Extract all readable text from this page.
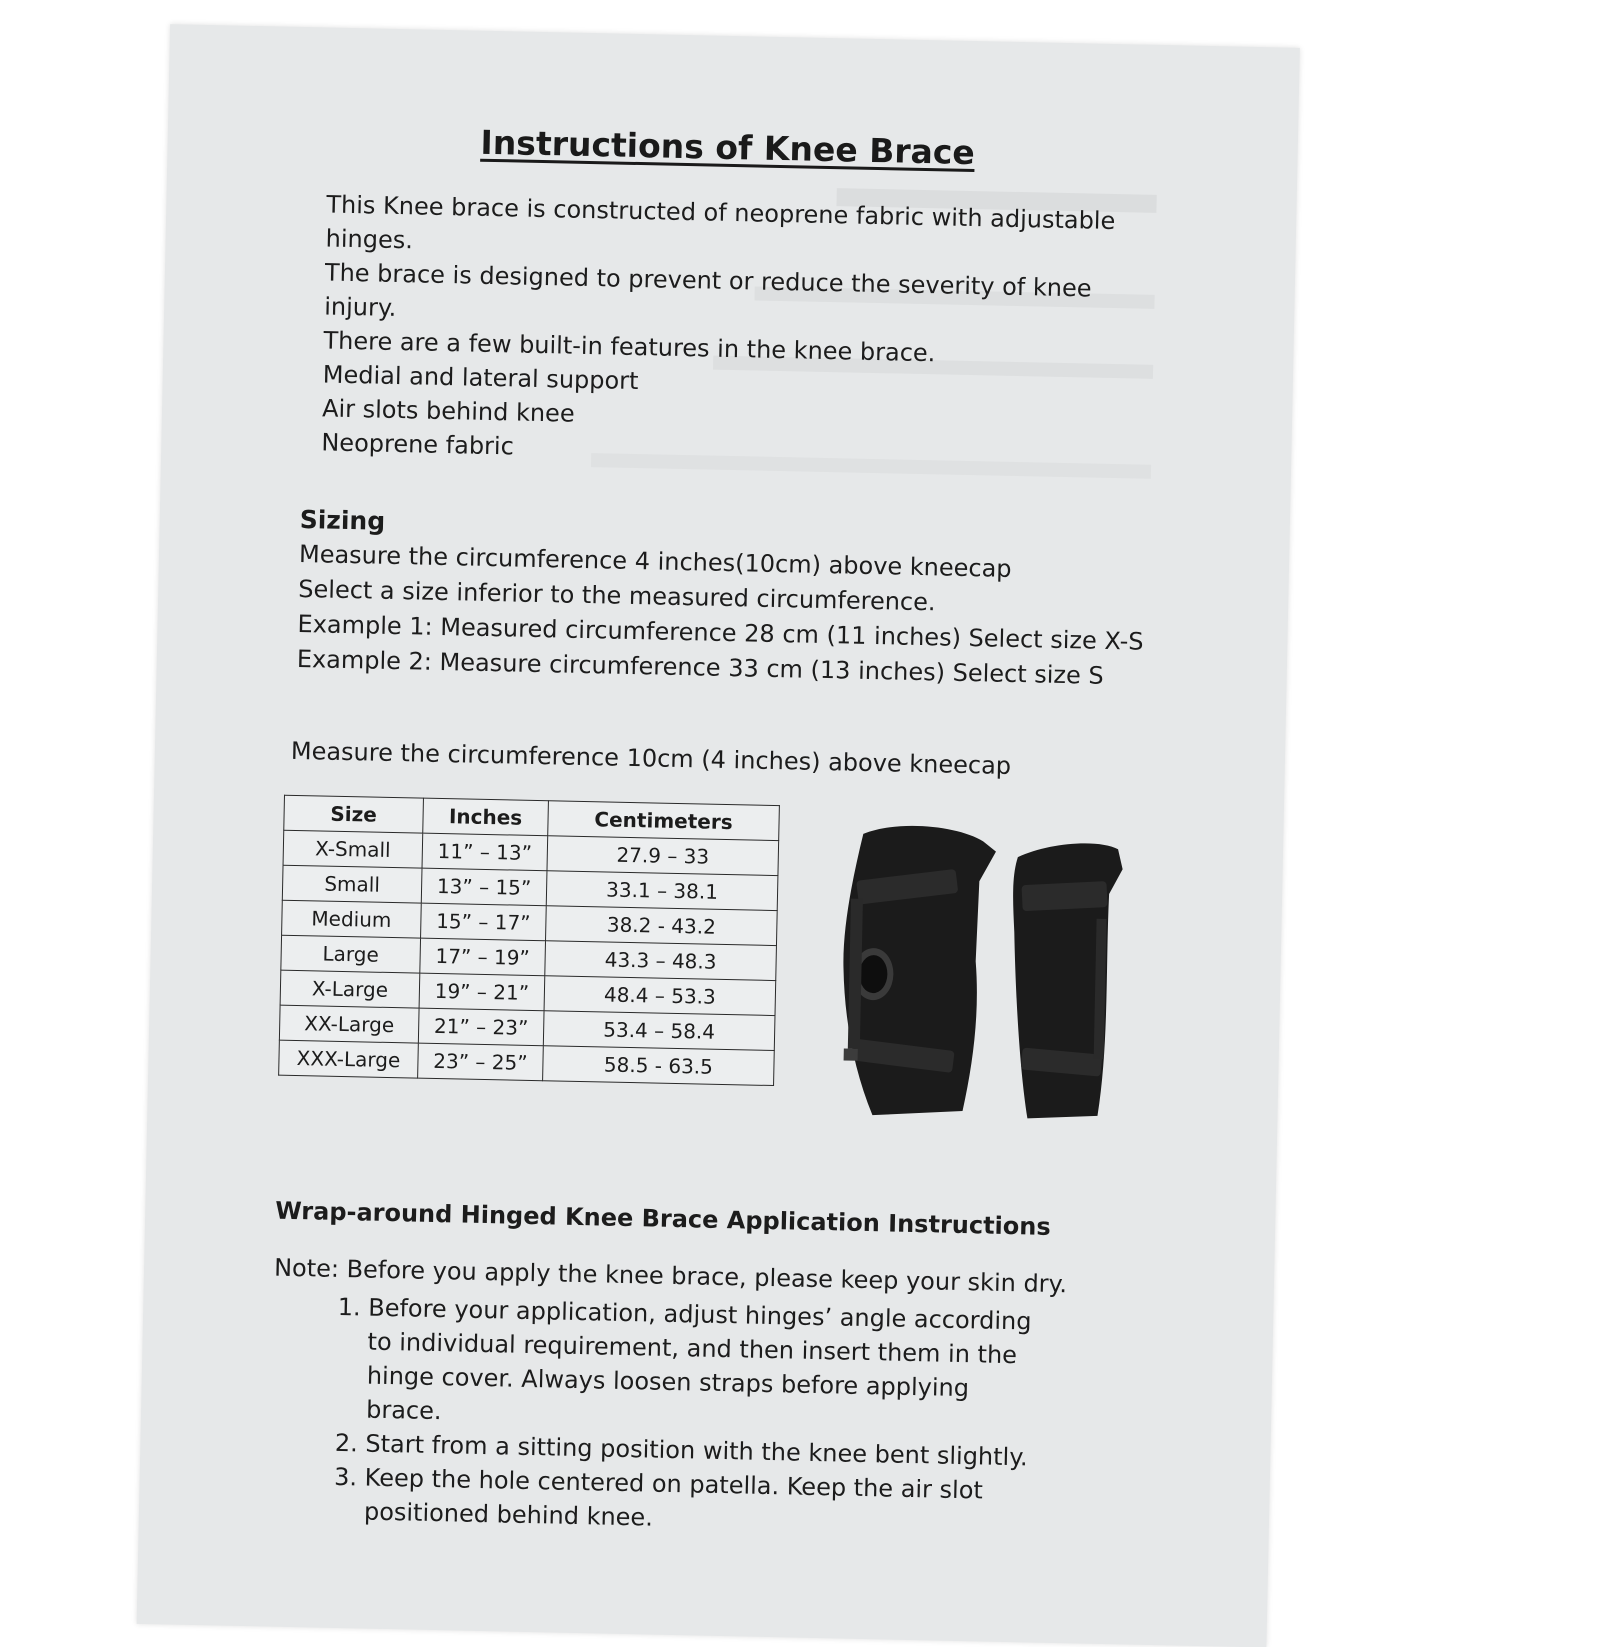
Instructions of Knee Brace

This Knee brace is constructed of neoprene fabric with adjustable hinges.

The brace is designed to prevent or reduce the severity of knee injury.

There are a few built-in features in the knee brace.

Medial and lateral support

Air slots behind knee

Neoprene fabric

Sizing

Measure the circumference 4 inches(10cm) above kneecap

Select a size inferior to the measured circumference.

Example 1: Measured circumference 28 cm (11 inches) Select size X-S

Example 2: Measure circumference 33 cm (13 inches) Select size S

Measure the circumference 10cm (4 inches) above kneecap
Size	Inches	Centimeters
X-Small	11” – 13”	27.9 – 33
Small	13” – 15”	33.1 – 38.1
Medium	15” – 17”	38.2 - 43.2
Large	17” – 19”	43.3 – 48.3
X-Large	19” – 21”	48.4 – 53.3
XX-Large	21” – 23”	53.4 – 58.4
XXX-Large	23” – 25”	58.5 - 63.5

Wrap-around Hinged Knee Brace Application Instructions

Note: Before you apply the knee brace, please keep your skin dry.

1. Before your application, adjust hinges’ angle according to individual requirement, and then insert them in the hinge cover. Always loosen straps before applying brace.
2. Start from a sitting position with the knee bent slightly.
3. Keep the hole centered on patella. Keep the air slot positioned behind knee.
